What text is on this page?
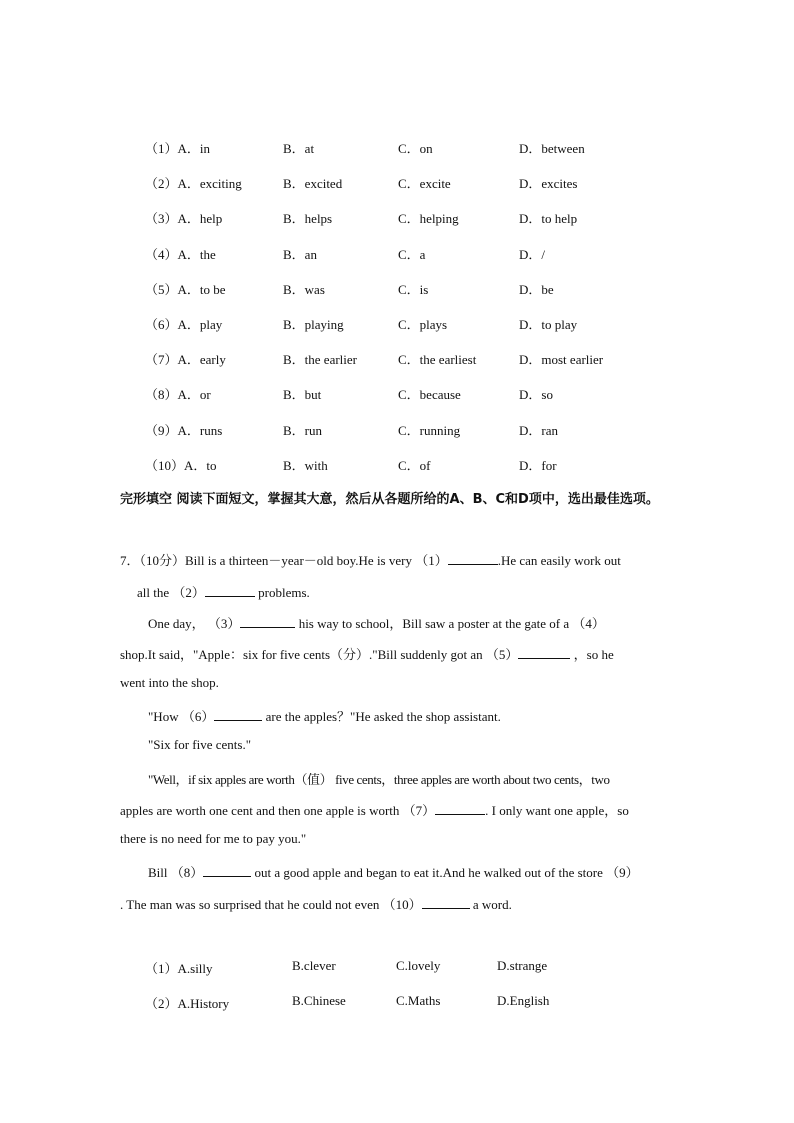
（1）A．in	B．at	C．on	D．between
（2）A．exciting	B．excited	C．excite	D．excites
（3）A．help	B．helps	C．helping	D．to help
（4）A．the	B．an	C．a	D．/
（5）A．to be	B．was	C．is	D．be
（6）A．play	B．playing	C．plays	D．to play
（7）A．early	B．the earlier	C．the earliest	D．most earlier
（8）A．or	B．but	C．because	D．so
（9）A．runs	B．run	C．running	D．ran
（10）A．to	B．with	C．of	D．for
完形填空 阅读下面短文，掌握其大意，然后从各题所给的A、B、C和D项中，选出最佳选项。
7．（10分）Bill is a thirteen－year－old boy.He is very （1）	.He can easily work out
all the （2）	problems.
One day， （3）	his way to school，Bill saw a poster at the gate of a （4）
shop.It said，"Apple：six for five cents（分）."Bill suddenly got an （5）	，so he
went into the shop.
"How （6）	are the apples？"He asked the shop assistant.
"Six for five cents."
"Well，if six apples are worth（值） five cents，three apples are worth about two cents，two
apples are worth one cent and then one apple is worth （7）	. I only want one apple，so
there is no need for me to pay you."
Bill （8）	out a good apple and began to eat it.And he walked out of the store （9）
. The man was so surprised that he could not even （10）	a word.
（1）A.silly	B.clever	C.lovely	D.strange
（2）A.History	B.Chinese	C.Maths	D.English
